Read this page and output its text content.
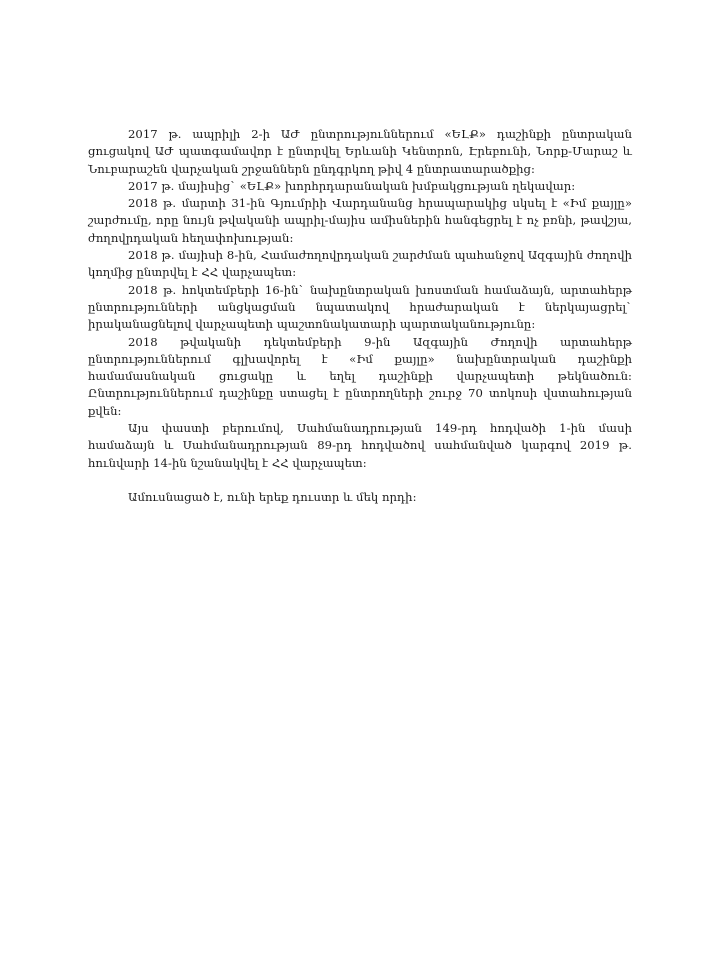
2017 թ. ապրիլի 2-ի ԱԺ ընտրություններում «ԵԼՔ» դաշինքի ընտրական ցուցակով ԱԺ պատգամավոր է ընտրվել Երևանի Կենտրոն, Էրեբունի, Նորք-Մարաշ և Նուբարաշեն վարչական շրջաններն ընդգրկող թիվ 4 ընտրատարածքից:

2017 թ. մայիսից` «ԵԼՔ» խորհրդարանական խմբակցության ղեկավար:

2018 թ. մարտի 31-ին Գյումրիի Վարդանանց հրապարակից սկսել է «Իմ քայլը» շարժումը, որը նույն թվականի ապրիլ-մայիս ամիսներին հանգեցրել է ոչ բռնի, թավշյա, ժողովրդական հեղափոխության:

2018 թ. մայիսի 8-ին, Համաժողովրդական շարժման պահանջով Ազգային ժողովի կողմից ընտրվել է ՀՀ վարչապետ:

2018 թ. հոկտեմբերի 16-ին` նախընտրական խոստման համաձայն, արտահերթ ընտրությունների անցկացման նպատակով հրաժարական է ներկայացրել` իրականացնելով վարչապետի պաշտոնակատարի պարտականությունը:

2018 թվականի դեկտեմբերի 9-ին Ազգային Ժողովի արտահերթ ընտրություններում գլխավորել է «Իմ քայլը» նախընտրական դաշինքի համամասնական ցուցակը և եղել դաշինքի վարչապետի թեկնածուն: Ընտրություններում դաշինքը ստացել է ընտրողների շուրջ 70 տոկոսի վստահության քվեն:

Այս փաստի բերումով, Սահմանադրության 149-րդ հոդվածի 1-ին մասի համաձայն և Սահմանադրության 89-րդ հոդվածով սահմանված կարգով 2019 թ. հունվարի 14-ին նշանակվել է ՀՀ վարչապետ:

Ամուսնացած է, ունի երեք դուստր և մեկ որդի:
